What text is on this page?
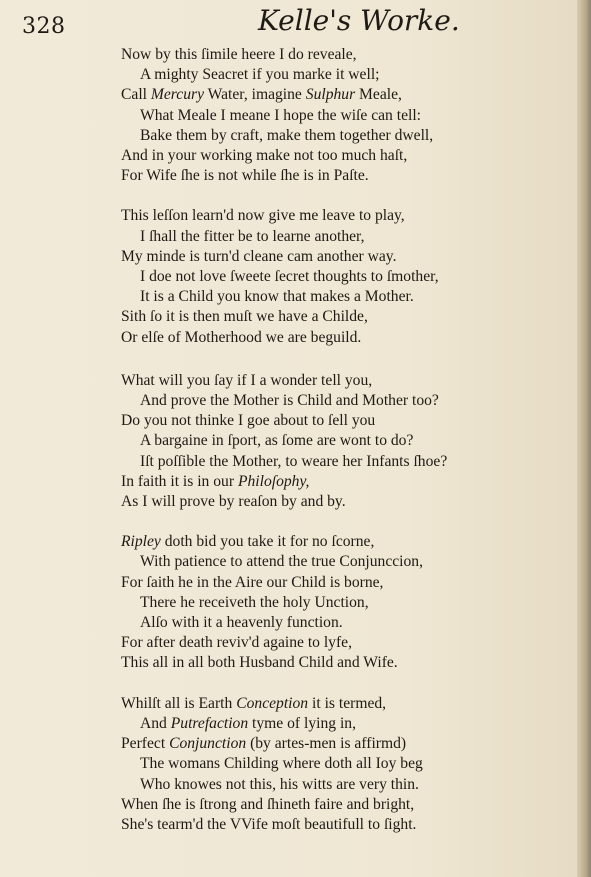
328	Kelle's Worke.
Now by this ſimile heere I do reveale,
A mighty Seacret if you marke it well;
Call Mercury Water, imagine Sulphur Meale,
What Meale I meane I hope the wiſe can tell:
Bake them by craft, make them together dwell,
And in your working make not too much haſt,
For Wife ſhe is not while ſhe is in Paſte.
This leſſon learn'd now give me leave to play,
I ſhall the fitter be to learne another,
My minde is turn'd cleane cam another way.
I doe not love ſweete ſecret thoughts to ſmother,
It is a Child you know that makes a Mother.
Sith ſo it is then muſt we have a Childe,
Or elſe of Motherhood we are beguild.
What will you ſay if I a wonder tell you,
And prove the Mother is Child and Mother too?
Do you not thinke I goe about to ſell you
A bargaine in ſport, as ſome are wont to do?
Iſt poſſible the Mother, to weare her Infants ſhoe?
In faith it is in our Philoſophy,
As I will prove by reaſon by and by.
Ripley doth bid you take it for no ſcorne,
With patience to attend the true Conjunccion,
For ſaith he in the Aire our Child is borne,
There he receiveth the holy Unction,
Alſo with it a heavenly function.
For after death reviv'd againe to lyfe,
This all in all both Husband Child and Wife.
Whilſt all is Earth Conception it is termed,
And Putrefaction tyme of lying in,
Perfect Conjunction (by artes-men is affirmd)
The womans Childing where doth all Ioy beg
Who knowes not this, his witts are very thin.
When ſhe is ſtrong and ſhineth faire and bright,
She's tearm'd the VVife moſt beautifull to ſight.
